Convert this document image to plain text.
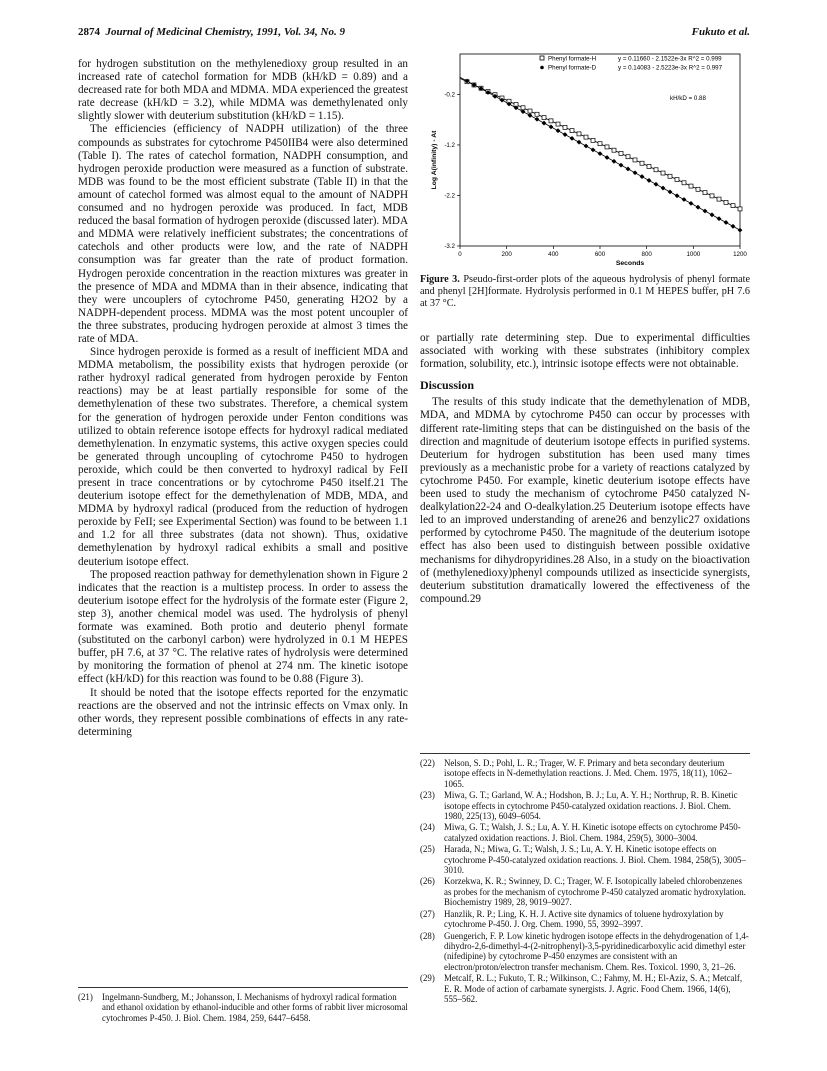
2874 Journal of Medicinal Chemistry, 1991, Vol. 34, No. 9	Fukuto et al.

for hydrogen substitution on the methylenedioxy group resulted in an increased rate of catechol formation for MDB (kH/kD = 0.89) and a decreased rate for both MDA and MDMA. MDA experienced the greatest rate decrease (kH/kD = 3.2), while MDMA was demethylenated only slightly slower with deuterium substitution (kH/kD = 1.15).

The efficiencies (efficiency of NADPH utilization) of the three compounds as substrates for cytochrome P450IIB4 were also determined (Table I). The rates of catechol formation, NADPH consumption, and hydrogen peroxide production were measured as a function of substrate. MDB was found to be the most efficient substrate (Table II) in that the amount of catechol formed was almost equal to the amount of NADPH consumed and no hydrogen peroxide was produced. In fact, MDB reduced the basal formation of hydrogen peroxide (discussed later). MDA and MDMA were relatively inefficient substrates; the concentrations of catechols and other products were low, and the rate of NADPH consumption was far greater than the rate of product formation. Hydrogen peroxide concentration in the reaction mixtures was greater in the presence of MDA and MDMA than in their absence, indicating that they were uncouplers of cytochrome P450, generating H2O2 by a NADPH-dependent process. MDMA was the most potent uncoupler of the three substrates, producing hydrogen peroxide at almost 3 times the rate of MDA.

Since hydrogen peroxide is formed as a result of inefficient MDA and MDMA metabolism, the possibility exists that hydrogen peroxide (or rather hydroxyl radical generated from hydrogen peroxide by Fenton reactions) may be at least partially responsible for some of the demethylenation of these two substrates. Therefore, a chemical system for the generation of hydrogen peroxide under Fenton conditions was utilized to obtain reference isotope effects for hydroxyl radical mediated demethylenation. In enzymatic systems, this active oxygen species could be generated through uncoupling of cytochrome P450 to hydrogen peroxide, which could be then converted to hydroxyl radical by FeII present in trace concentrations or by cytochrome P450 itself.21 The deuterium isotope effect for the demethylenation of MDB, MDA, and MDMA by hydroxyl radical (produced from the reduction of hydrogen peroxide by FeII; see Experimental Section) was found to be between 1.1 and 1.2 for all three substrates (data not shown). Thus, oxidative demethylenation by hydroxyl radical exhibits a small and positive deuterium isotope effect.

The proposed reaction pathway for demethylenation shown in Figure 2 indicates that the reaction is a multistep process. In order to assess the deuterium isotope effect for the hydrolysis of the formate ester (Figure 2, step 3), another chemical model was used. The hydrolysis of phenyl formate was examined. Both protio and deuterio phenyl formate (substituted on the carbonyl carbon) were hydrolyzed in 0.1 M HEPES buffer, pH 7.6, at 37 °C. The relative rates of hydrolysis were determined by monitoring the formation of phenol at 274 nm. The kinetic isotope effect (kH/kD) for this reaction was found to be 0.88 (Figure 3).

It should be noted that the isotope effects reported for the enzymatic reactions are the observed and not the intrinsic effects on Vmax only. In other words, they represent possible combinations of effects in any rate-determining

(21)	Ingelmann-Sundberg, M.; Johansson, I. Mechanisms of hydroxyl radical formation and ethanol oxidation by ethanol-inducible and other forms of rabbit liver microsomal cytochromes P-450. J. Biol. Chem. 1984, 259, 6447–6458.
0	200	400	600	800	1000	1200
-0.2
-1.2
-2.2
-3.2
Phenyl formate-H	y = 0.11660 - 2.1522e-3x R^2 = 0.999
Phenyl formate-D	y = 0.14083 - 2.5223e-3x R^2 = 0.997
kH/kD = 0.88
Seconds
Log A(infinity) - At
Figure 3. Pseudo-first-order plots of the aqueous hydrolysis of phenyl formate and phenyl [2H]formate. Hydrolysis performed in 0.1 M HEPES buffer, pH 7.6 at 37 °C.

or partially rate determining step. Due to experimental difficulties associated with working with these substrates (inhibitory complex formation, solubility, etc.), intrinsic isotope effects were not obtainable.

Discussion

The results of this study indicate that the demethylenation of MDB, MDA, and MDMA by cytochrome P450 can occur by processes with different rate-limiting steps that can be distinguished on the basis of the direction and magnitude of deuterium isotope effects in purified systems. Deuterium for hydrogen substitution has been used many times previously as a mechanistic probe for a variety of reactions catalyzed by cytochrome P450. For example, kinetic deuterium isotope effects have been used to study the mechanism of cytochrome P450 catalyzed N-dealkylation22-24 and O-dealkylation.25 Deuterium isotope effects have led to an improved understanding of arene26 and benzylic27 oxidations performed by cytochrome P450. The magnitude of the deuterium isotope effect has also been used to distinguish between possible oxidative mechanisms for dihydropyridines.28 Also, in a study on the bioactivation of (methylenedioxy)phenyl compounds utilized as insecticide synergists, deuterium substitution dramatically lowered the effectiveness of the compound.29

(22)	Nelson, S. D.; Pohl, L. R.; Trager, W. F. Primary and beta secondary deuterium isotope effects in N-demethylation reactions. J. Med. Chem. 1975, 18(11), 1062–1065.
(23)	Miwa, G. T.; Garland, W. A.; Hodshon, B. J.; Lu, A. Y. H.; Northrup, R. B. Kinetic isotope effects in cytochrome P450-catalyzed oxidation reactions. J. Biol. Chem. 1980, 225(13), 6049–6054.
(24)	Miwa, G. T.; Walsh, J. S.; Lu, A. Y. H. Kinetic isotope effects on cytochrome P450-catalyzed oxidation reactions. J. Biol. Chem. 1984, 259(5), 3000–3004.
(25)	Harada, N.; Miwa, G. T.; Walsh, J. S.; Lu, A. Y. H. Kinetic isotope effects on cytochrome P-450-catalyzed oxidation reactions. J. Biol. Chem. 1984, 258(5), 3005–3010.
(26)	Korzekwa, K. R.; Swinney, D. C.; Trager, W. F. Isotopically labeled chlorobenzenes as probes for the mechanism of cytochrome P-450 catalyzed aromatic hydroxylation. Biochemistry 1989, 28, 9019–9027.
(27)	Hanzlik, R. P.; Ling, K. H. J. Active site dynamics of toluene hydroxylation by cytochrome P-450. J. Org. Chem. 1990, 55, 3992–3997.
(28)	Guengerich, F. P. Low kinetic hydrogen isotope effects in the dehydrogenation of 1,4-dihydro-2,6-dimethyl-4-(2-nitrophenyl)-3,5-pyridinedicarboxylic acid dimethyl ester (nifedipine) by cytochrome P-450 enzymes are consistent with an electron/proton/electron transfer mechanism. Chem. Res. Toxicol. 1990, 3, 21–26.
(29)	Metcalf, R. L.; Fukuto, T. R.; Wilkinson, C.; Fahmy, M. H.; El-Aziz, S. A.; Metcalf, E. R. Mode of action of carbamate synergists. J. Agric. Food Chem. 1966, 14(6), 555–562.
